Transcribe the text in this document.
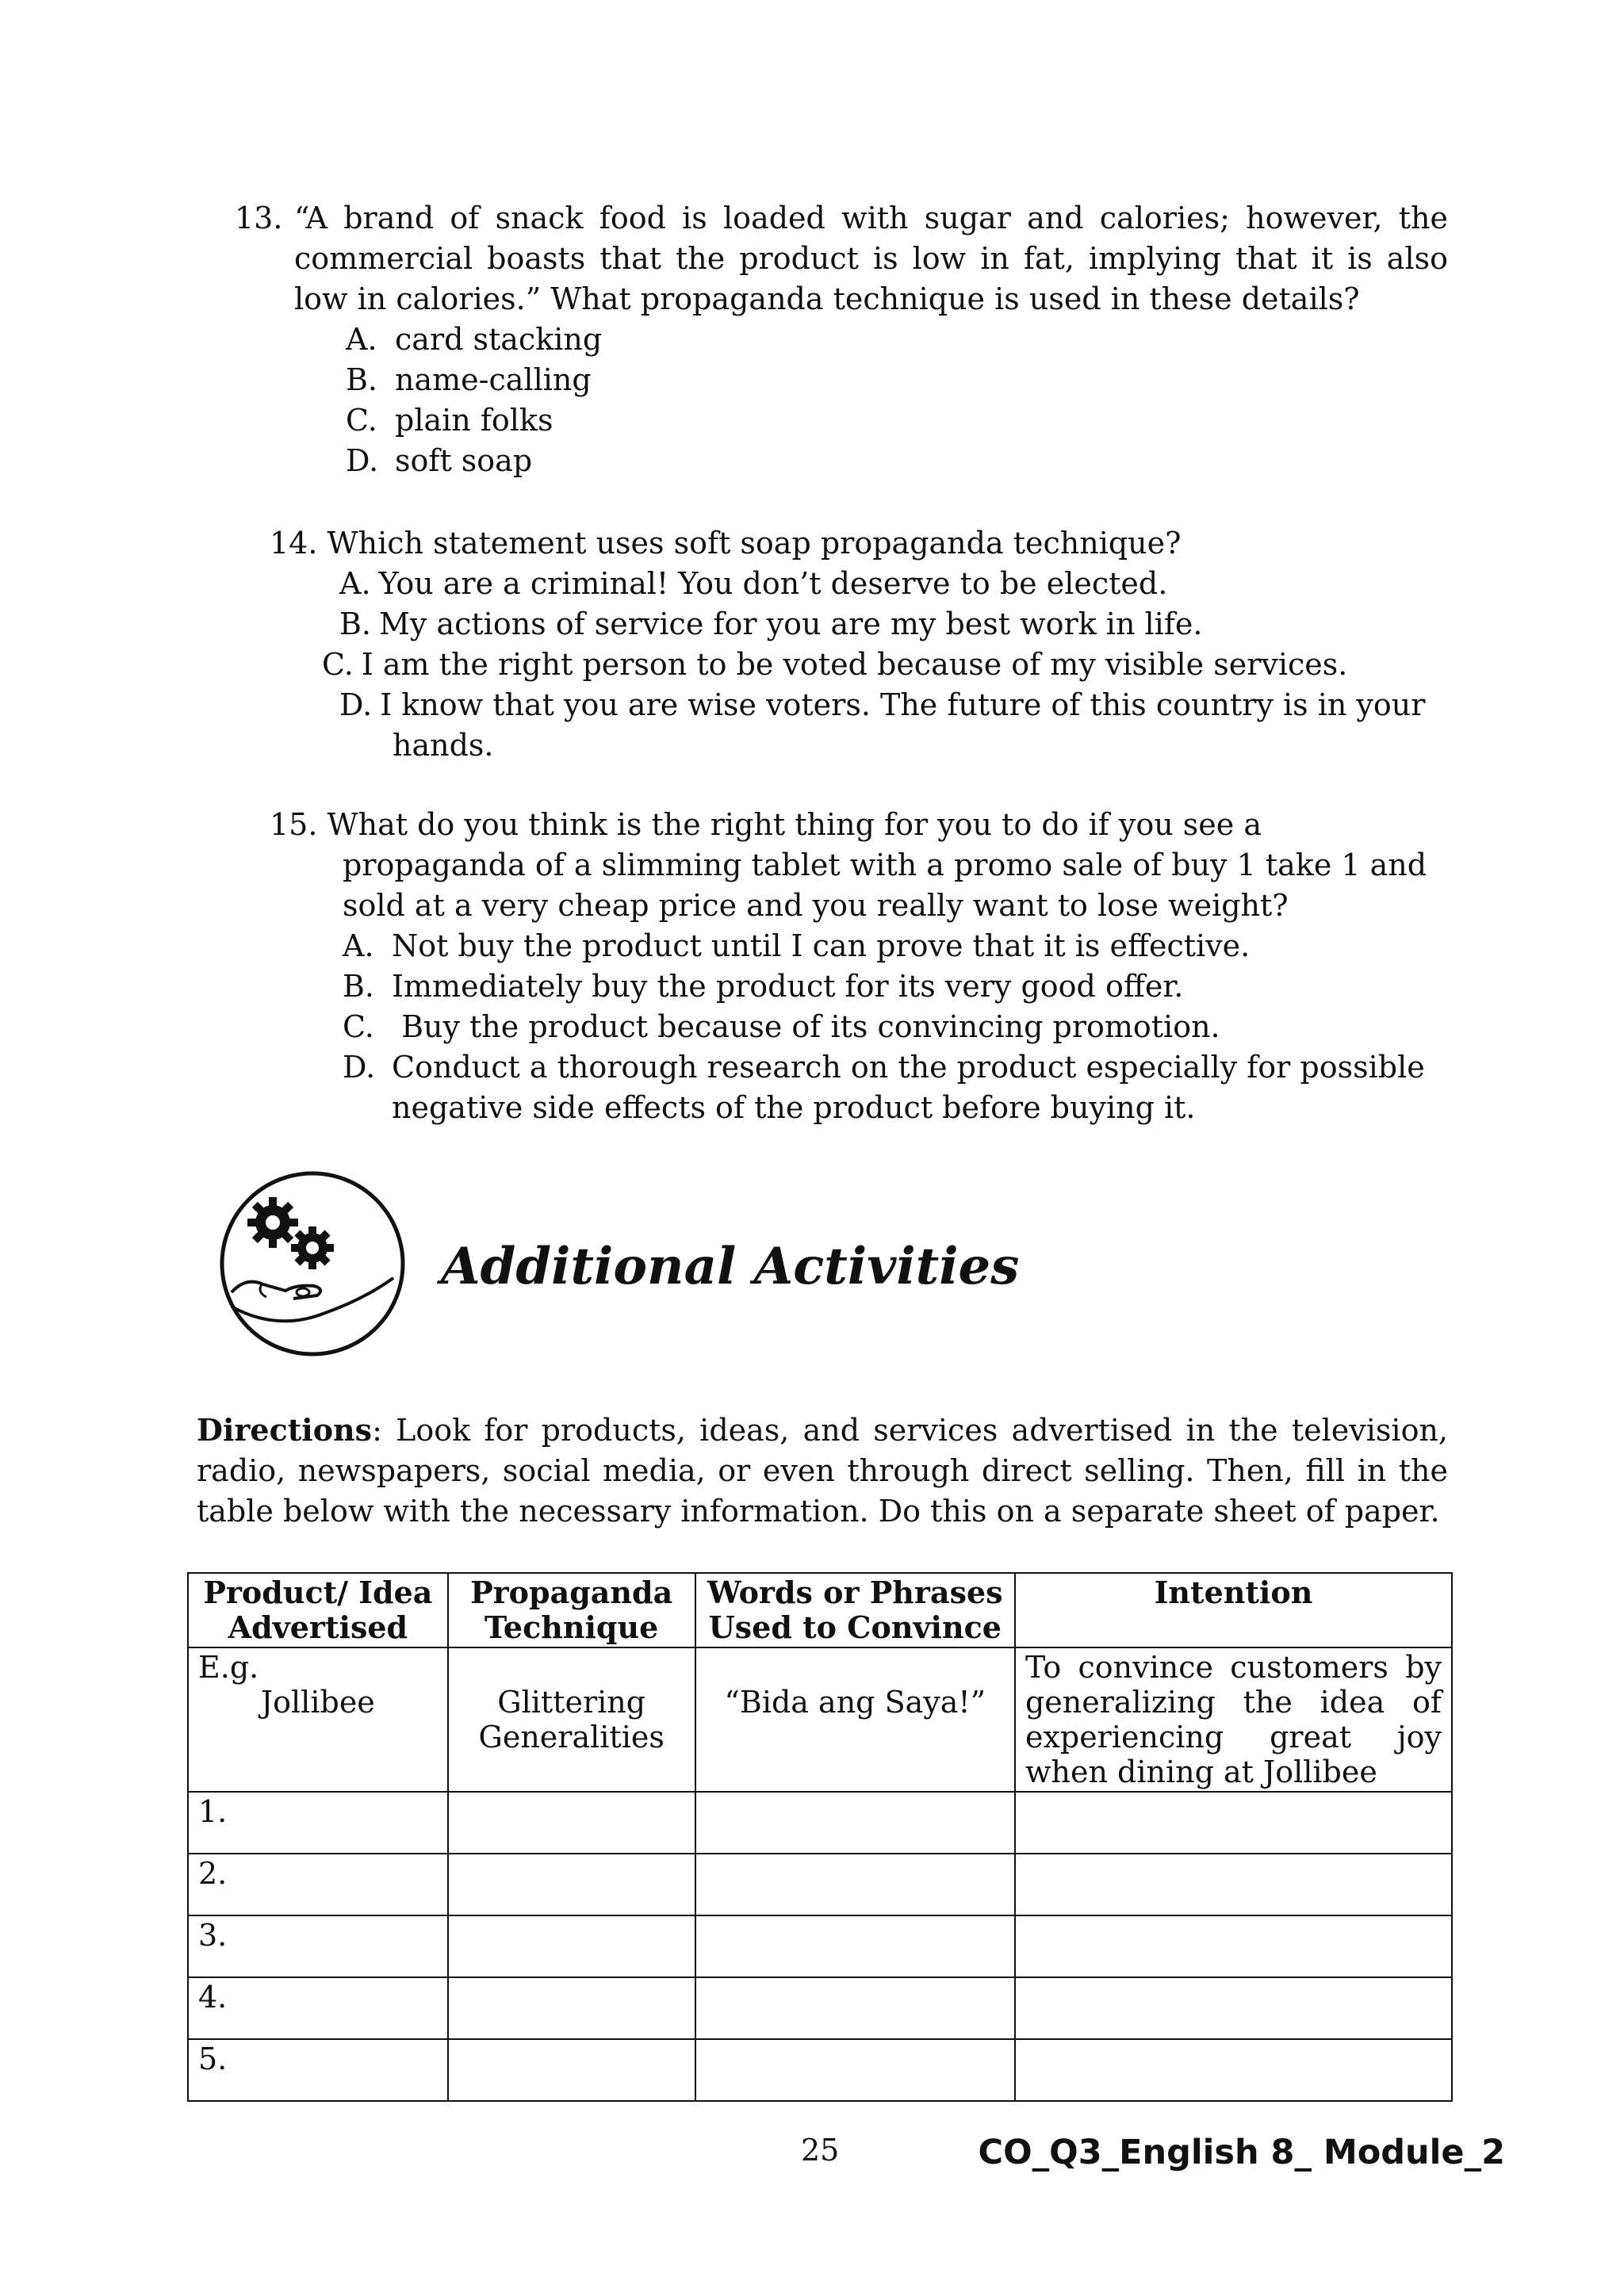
13. “A brand of snack food is loaded with sugar and calories; however, the commercial boasts that the product is low in fat, implying that it is also low in calories.” What propaganda technique is used in these details?

A. card stacking
B. name-calling
C. plain folks
D. soft soap

14. Which statement uses soft soap propaganda technique?

A. You are a criminal! You don’t deserve to be elected.
B. My actions of service for you are my best work in life.
C. I am the right person to be voted because of my visible services.
D. I know that you are wise voters. The future of this country is in your
hands.

15. What do you think is the right thing for you to do if you see a propaganda of a slimming tablet with a promo sale of buy 1 take 1 and sold at a very cheap price and you really want to lose weight?

A. Not buy the product until I can prove that it is effective.
B. Immediately buy the product for its very good offer.
C. Buy the product because of its convincing promotion.
D. Conduct a thorough research on the product especially for possible
negative side effects of the product before buying it.
Additional Activities

Directions: Look for products, ideas, and services advertised in the television, radio, newspapers, social media, or even through direct selling. Then, fill in the table below with the necessary information. Do this on a separate sheet of paper.

Product/ Idea Advertised	Propaganda Technique	Words or Phrases Used to Convince	Intention

E.g.
Jollibee	Glittering Generalities	“Bida ang Saya!”	To convince customers by generalizing the idea of experiencing great joy when dining at Jollibee
1.			
2.			
3.			
4.			
5.			
25	CO_Q3_English 8_ Module_2
